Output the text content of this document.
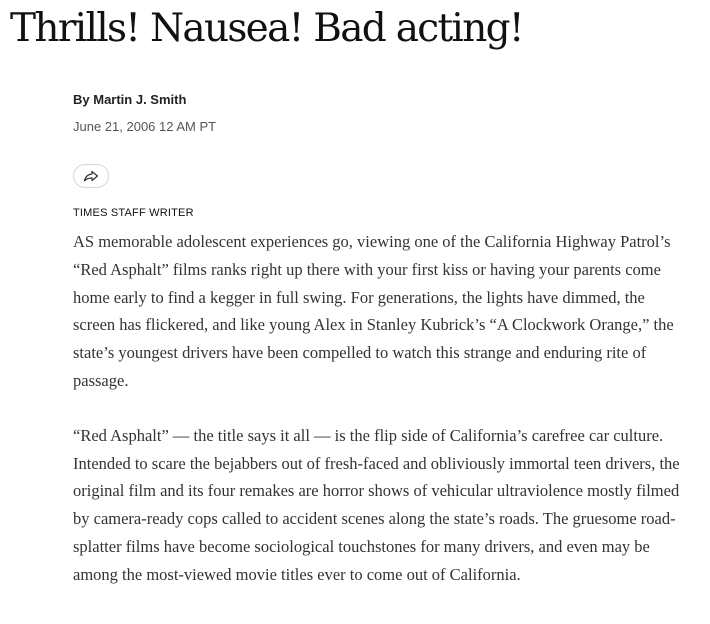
Thrills! Nausea! Bad acting!
By Martin J. Smith
June 21, 2006 12 AM PT
TIMES STAFF WRITER

AS memorable adolescent experiences go, viewing one of the California Highway Patrol’s “Red Asphalt” films ranks right up there with your first kiss or having your parents come home early to find a kegger in full swing. For generations, the lights have dimmed, the screen has flickered, and like young Alex in Stanley Kubrick’s “A Clockwork Orange,” the state’s youngest drivers have been compelled to watch this strange and enduring rite of passage.

“Red Asphalt” — the title says it all — is the flip side of California’s carefree car culture. Intended to scare the bejabbers out of fresh-faced and obliviously immortal teen drivers, the original film and its four remakes are horror shows of vehicular ultraviolence mostly filmed by camera-ready cops called to accident scenes along the state’s roads. The gruesome road-splatter films have become sociological touchstones for many drivers, and even may be among the most-viewed movie titles ever to come out of California.
